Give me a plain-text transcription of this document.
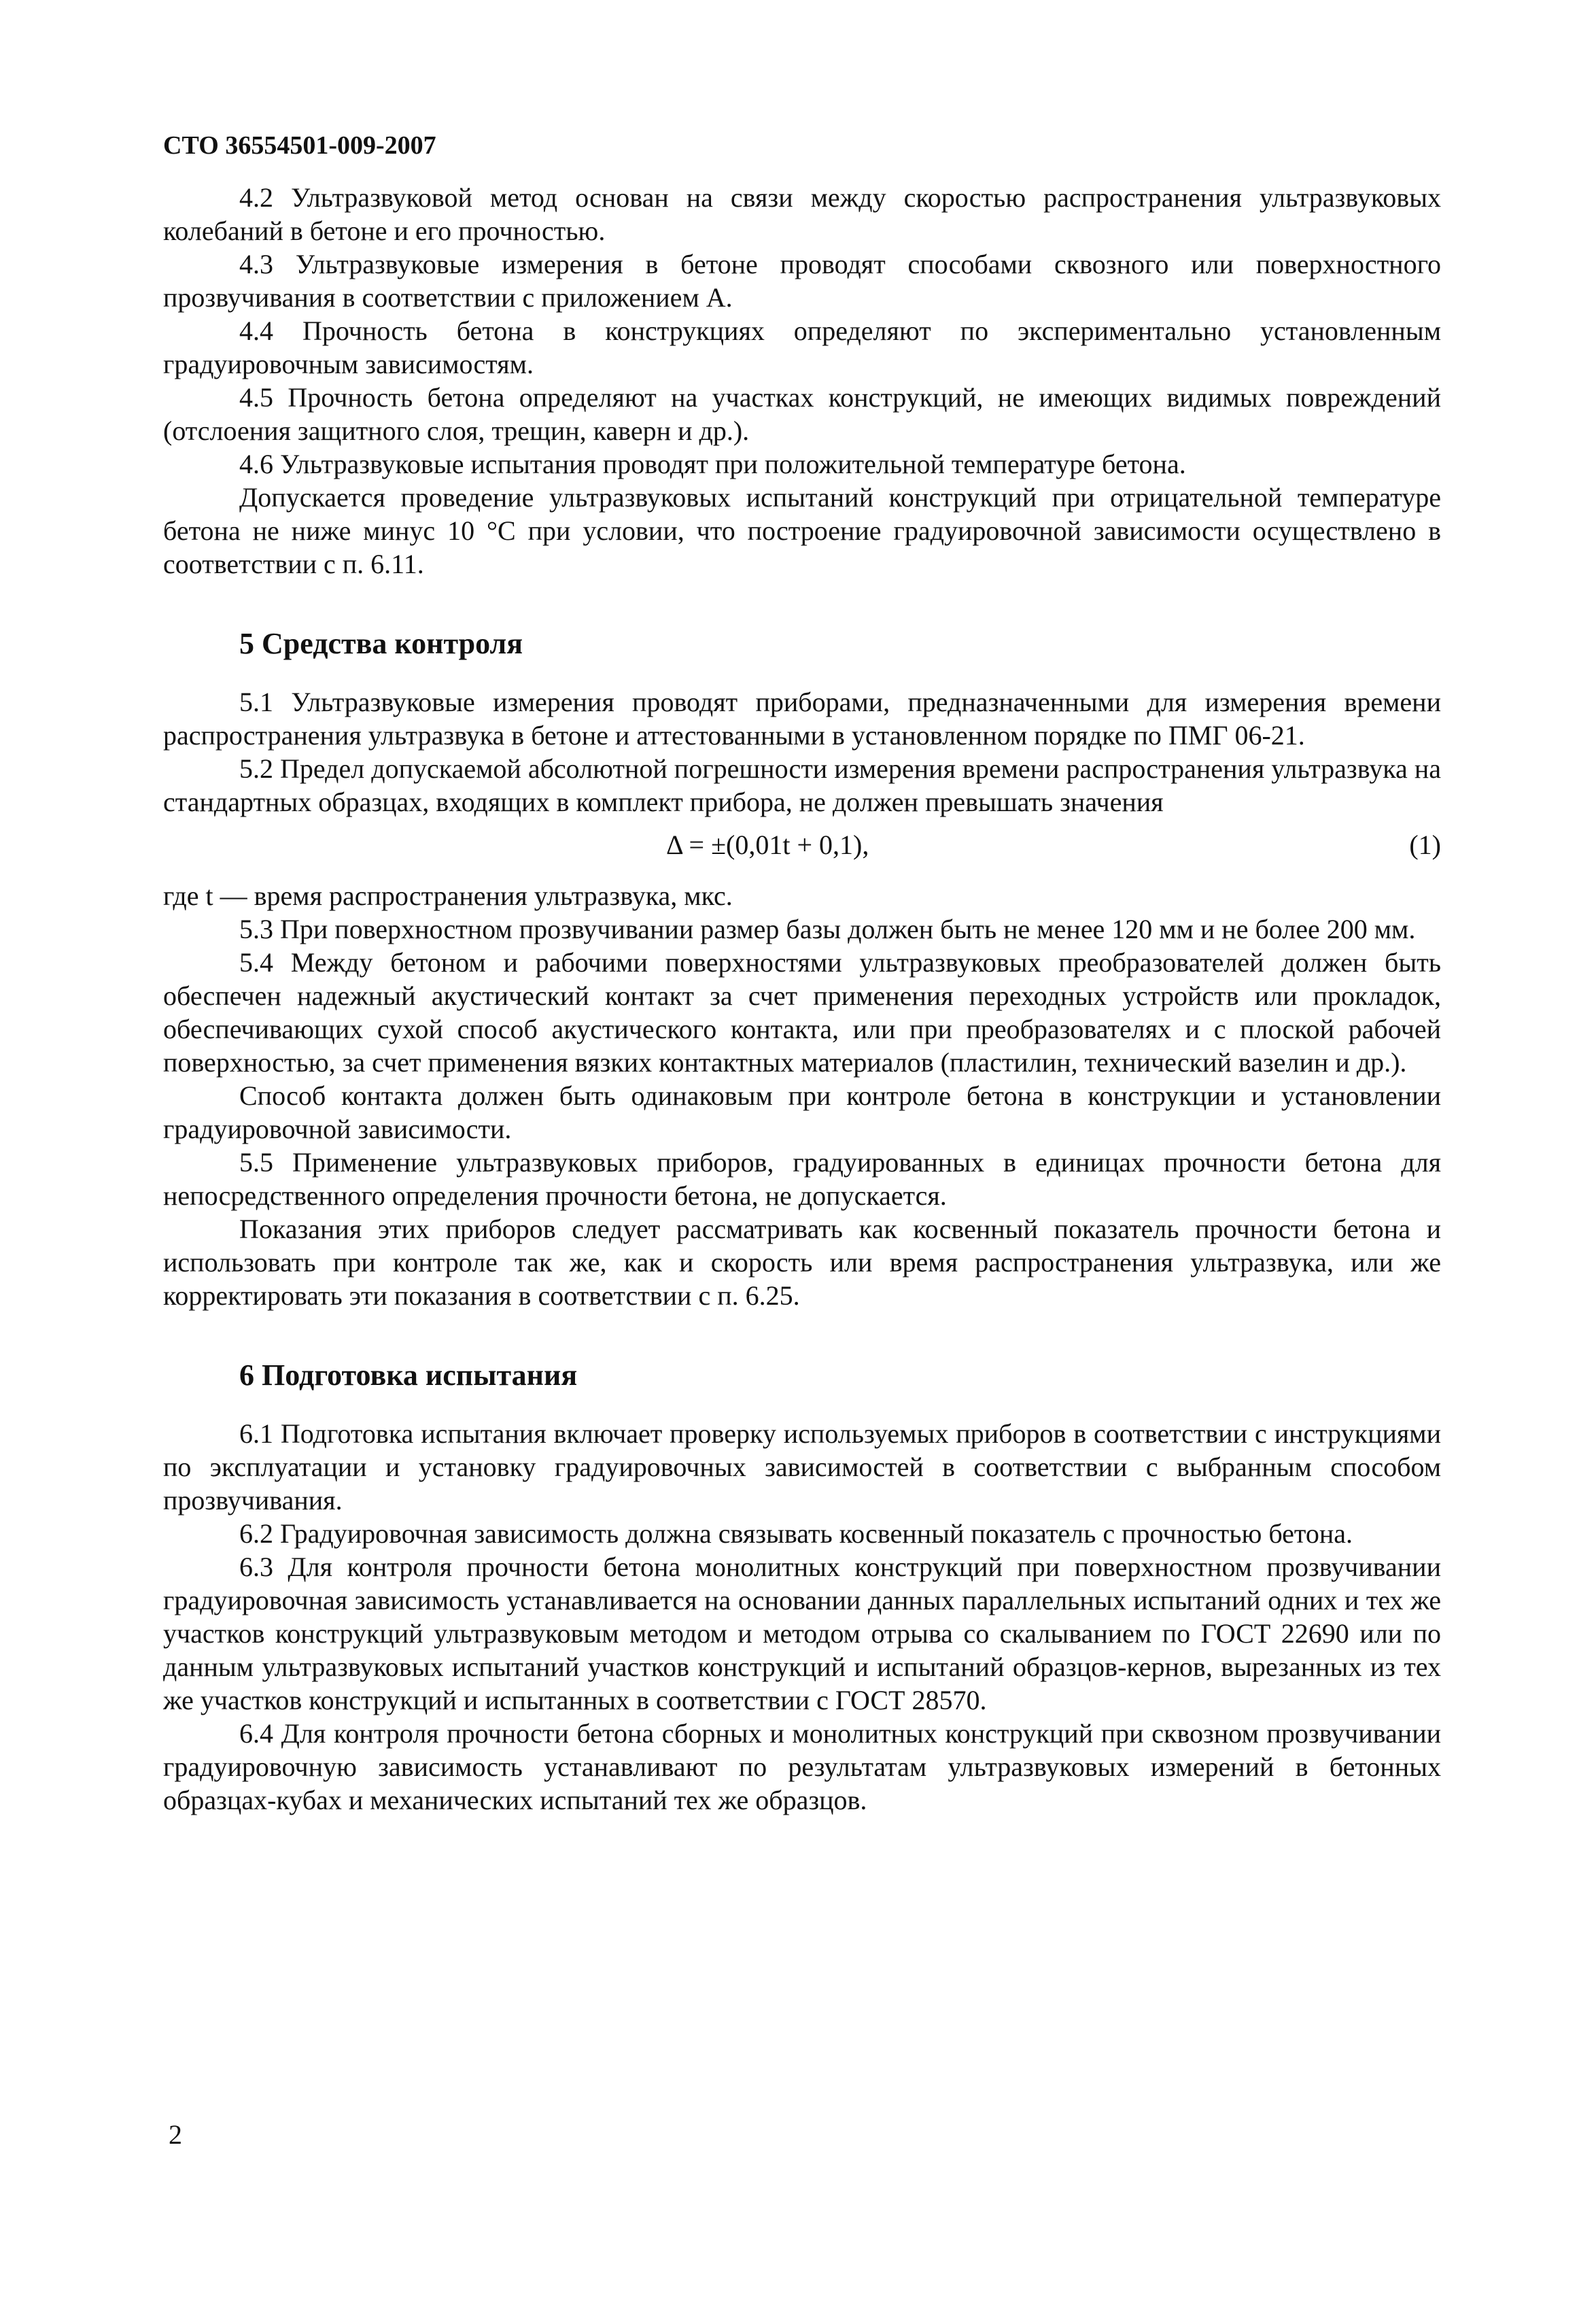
СТО 36554501-009-2007

4.2 Ультразвуковой метод основан на связи между скоростью распространения ультразвуковых колебаний в бетоне и его прочностью.

4.3 Ультразвуковые измерения в бетоне проводят способами сквозного или поверхностного прозвучивания в соответствии с приложением А.

4.4 Прочность бетона в конструкциях определяют по экспериментально установленным градуировочным зависимостям.

4.5 Прочность бетона определяют на участках конструкций, не имеющих видимых повреждений (отслоения защитного слоя, трещин, каверн и др.).

4.6 Ультразвуковые испытания проводят при положительной температуре бетона.

Допускается проведение ультразвуковых испытаний конструкций при отрицательной температуре бетона не ниже минус 10 °С при условии, что построение градуировочной зависимости осуществлено в соответствии с п. 6.11.

5 Средства контроля

5.1 Ультразвуковые измерения проводят приборами, предназначенными для измерения времени распространения ультразвука в бетоне и аттестованными в установленном порядке по ПМГ 06-21.

5.2 Предел допускаемой абсолютной погрешности измерения времени распространения ультразвука на стандартных образцах, входящих в комплект прибора, не должен превышать значения

Δ = ±(0,01t + 0,1),	(1)

где t — время распространения ультразвука, мкс.

5.3 При поверхностном прозвучивании размер базы должен быть не менее 120 мм и не более 200 мм.

5.4 Между бетоном и рабочими поверхностями ультразвуковых преобразователей должен быть обеспечен надежный акустический контакт за счет применения переходных устройств или прокладок, обеспечивающих сухой способ акустического контакта, или при преобразователях и с плоской рабочей поверхностью, за счет применения вязких контактных материалов (пластилин, технический вазелин и др.).

Способ контакта должен быть одинаковым при контроле бетона в конструкции и установлении градуировочной зависимости.

5.5 Применение ультразвуковых приборов, градуированных в единицах прочности бетона для непосредственного определения прочности бетона, не допускается.

Показания этих приборов следует рассматривать как косвенный показатель прочности бетона и использовать при контроле так же, как и скорость или время распространения ультразвука, или же корректировать эти показания в соответствии с п. 6.25.

6 Подготовка испытания

6.1 Подготовка испытания включает проверку используемых приборов в соответствии с инструкциями по эксплуатации и установку градуировочных зависимостей в соответствии с выбранным способом прозвучивания.

6.2 Градуировочная зависимость должна связывать косвенный показатель с прочностью бетона.

6.3 Для контроля прочности бетона монолитных конструкций при поверхностном прозвучивании градуировочная зависимость устанавливается на основании данных параллельных испытаний одних и тех же участков конструкций ультразвуковым методом и методом отрыва со скалыванием по ГОСТ 22690 или по данным ультразвуковых испытаний участков конструкций и испытаний образцов-кернов, вырезанных из тех же участков конструкций и испытанных в соответствии с ГОСТ 28570.

6.4 Для контроля прочности бетона сборных и монолитных конструкций при сквозном прозвучивании градуировочную зависимость устанавливают по результатам ультразвуковых измерений в бетонных образцах-кубах и механических испытаний тех же образцов.

2
